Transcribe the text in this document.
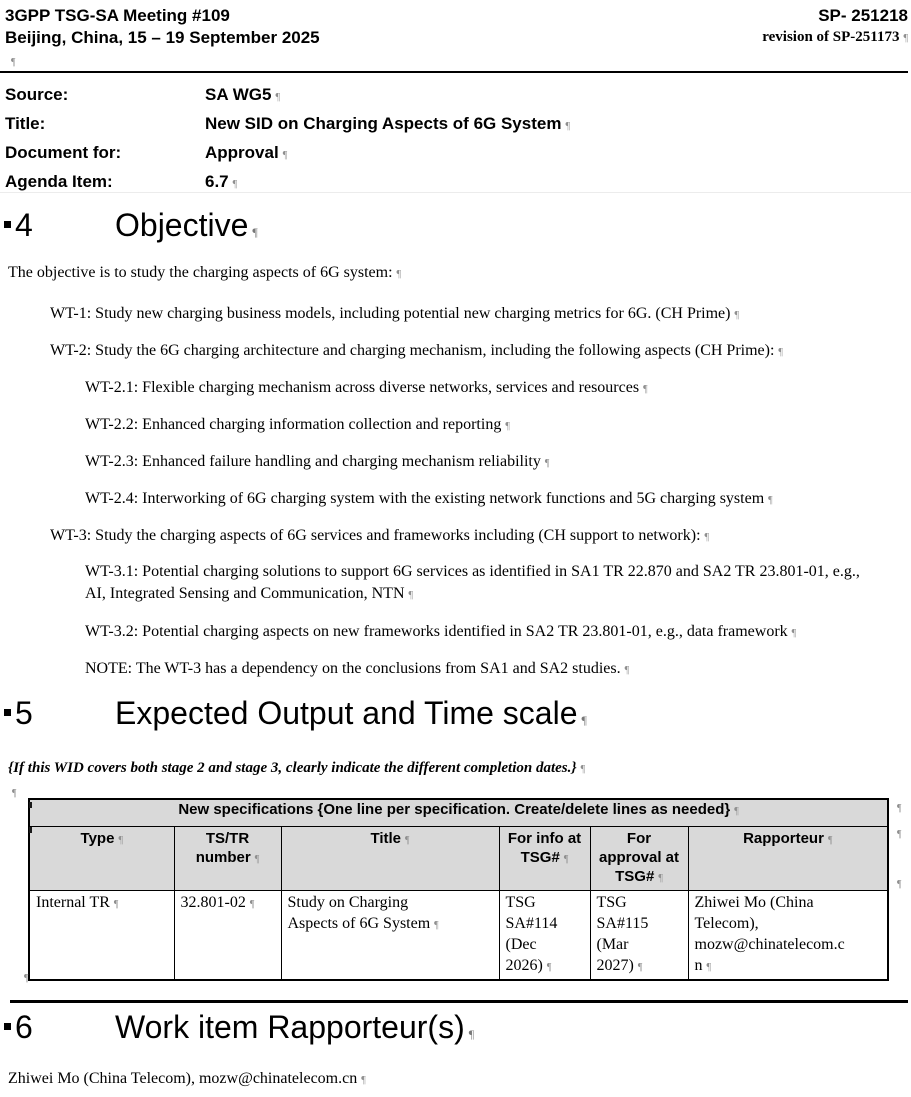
3GPP TSG-SA Meeting #109
Beijing, China, 15 – 19 September 2025
SP- 251218
revision of SP-251173 ¶
¶
Source:	SA WG5 ¶
Title:	New SID on Charging Aspects of 6G System ¶
Document for:	Approval ¶
Agenda Item:	6.7 ¶
4	Objective ¶

The objective is to study the charging aspects of 6G system: ¶

WT-1: Study new charging business models, including potential new charging metrics for 6G. (CH Prime) ¶

WT-2: Study the 6G charging architecture and charging mechanism, including the following aspects (CH Prime): ¶

WT-2.1: Flexible charging mechanism across diverse networks, services and resources ¶

WT-2.2: Enhanced charging information collection and reporting ¶

WT-2.3: Enhanced failure handling and charging mechanism reliability ¶

WT-2.4: Interworking of 6G charging system with the existing network functions and 5G charging system ¶

WT-3: Study the charging aspects of 6G services and frameworks including (CH support to network): ¶

WT-3.1: Potential charging solutions to support 6G services as identified in SA1 TR 22.870 and SA2 TR 23.801-01, e.g., AI, Integrated Sensing and Communication, NTN ¶

WT-3.2: Potential charging aspects on new frameworks identified in SA2 TR 23.801-01, e.g., data framework ¶

NOTE: The WT-3 has a dependency on the conclusions from SA1 and SA2 studies. ¶

5	Expected Output and Time scale ¶

{If this WID covers both stage 2 and stage 3, clearly indicate the different completion dates.} ¶

¶
New specifications {One line per specification. Create/delete lines as needed} ¶
Type ¶	TS/TR number ¶	Title ¶	For info at TSG# ¶	For approval at TSG# ¶	Rapporteur ¶
Internal TR ¶	32.801-02 ¶	Study on Charging Aspects of 6G System ¶	TSG SA#114 (Dec 2026) ¶	TSG SA#115 (Mar 2027) ¶	Zhiwei Mo (China Telecom), mozw@chinatelecom.cn ¶
¶
¶
¶
¶
6	Work item Rapporteur(s) ¶

Zhiwei Mo (China Telecom), mozw@chinatelecom.cn ¶
